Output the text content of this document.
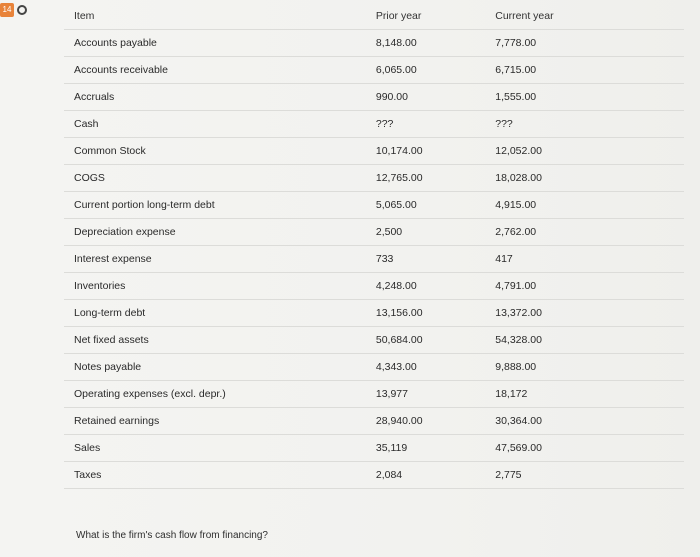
14
Item	Prior year	Current year
Accounts payable	8,148.00	7,778.00
Accounts receivable	6,065.00	6,715.00
Accruals	990.00	1,555.00
Cash	???	???
Common Stock	10,174.00	12,052.00
COGS	12,765.00	18,028.00
Current portion long-term debt	5,065.00	4,915.00
Depreciation expense	2,500	2,762.00
Interest expense	733	417
Inventories	4,248.00	4,791.00
Long-term debt	13,156.00	13,372.00
Net fixed assets	50,684.00	54,328.00
Notes payable	4,343.00	9,888.00
Operating expenses (excl. depr.)	13,977	18,172
Retained earnings	28,940.00	30,364.00
Sales	35,119	47,569.00
Taxes	2,084	2,775
What is the firm's cash flow from financing?
